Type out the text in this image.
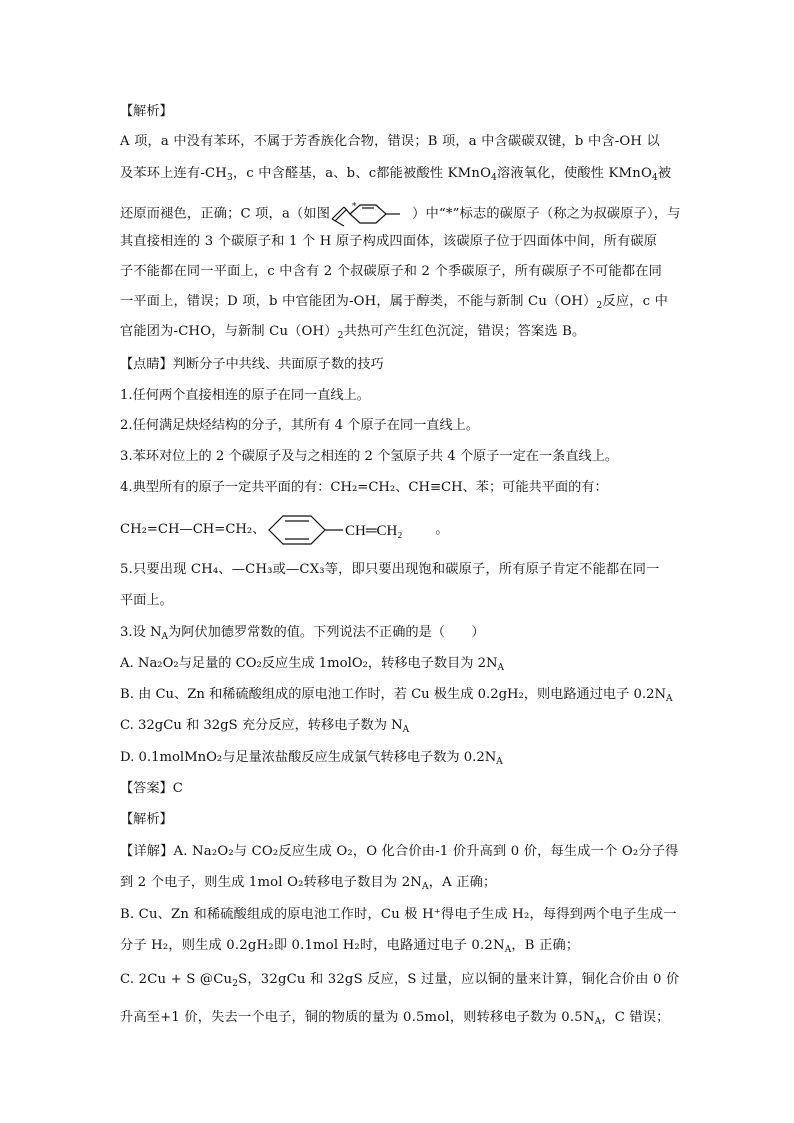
【解析】
A 项，a 中没有苯环，不属于芳香族化合物，错误；B 项，a 中含碳碳双键，b 中含-OH 以
及苯环上连有$-CH_3$，c 中含醛基，a、b、c都能被酸性 KMnO$_4$溶液氧化，使酸性 KMnO$_4$被
还原而褪色，正确；C 项，a（如图 *	）中“*”标志的碳原子（称之为叔碳原子），与
其直接相连的 3 个碳原子和 1 个 H 原子构成四面体，该碳原子位于四面体中间，所有碳原
子不能都在同一平面上，c 中含有 2 个叔碳原子和 2 个季碳原子，所有碳原子不可能都在同
一平面上，错误；D 项，b 中官能团为-OH，属于醇类，不能与新制 $Cu(OH)_2$反应，c 中
官能团为-CHO，与新制 $Cu(OH)_2$共热可产生红色沉淀，错误；答案选 B。
【点睛】判断分子中共线、共面原子数的技巧
1.任何两个直接相连的原子在同一直线上。
2.任何满足炔烃结构的分子，其所有 4 个原子在同一直线上。
3.苯环对位上的 2 个碳原子及与之相连的 2 个氢原子共 4 个原子一定在一条直线上。
4.典型所有的原子一定共平面的有：CH₂=CH₂、CH≡CH、苯；可能共平面的有：
CH₂=CH—CH=CH₂、	CH═CH₂ 。
5.只要出现 CH₄、—CH₃或—CX₃等，即只要出现饱和碳原子，所有原子肯定不能都在同一
平面上。
3.设 $N_A$为阿伏加德罗常数的值。下列说法不正确的是（　　）
A. Na₂O₂与足量的 CO₂反应生成 1molO₂，转移电子数目为 $2N_A$
B. 由 Cu、Zn 和稀硫酸组成的原电池工作时，若 Cu 极生成 0.2gH₂，则电路通过电子 $0.2N_A$
C. 32gCu 和 32gS 充分反应，转移电子数为 $N_A$
D. 0.1molMnO₂与足量浓盐酸反应生成氯气转移电子数为 $0.2N_A$
【答案】C
【解析】
【详解】A. Na₂O₂与 CO₂反应生成 O₂，O 化合价由-1 价升高到 0 价，每生成一个 O₂分子得
到 2 个电子，则生成 1mol O₂转移电子数目为 $2N_A$，A 正确；
B. Cu、Zn 和稀硫酸组成的原电池工作时，Cu 极 H⁺得电子生成 H₂，每得到两个电子生成一
分子 H₂，则生成 0.2gH₂即 0.1mol H₂时，电路通过电子 $0.2N_A$，B 正确；
C. 2Cu + S $@Cu_2S$，32gCu 和 32gS 反应，S 过量，应以铜的量来计算，铜化合价由 0 价
升高至+1 价，失去一个电子，铜的物质的量为 0.5mol，则转移电子数为 $0.5N_A$，C 错误；
